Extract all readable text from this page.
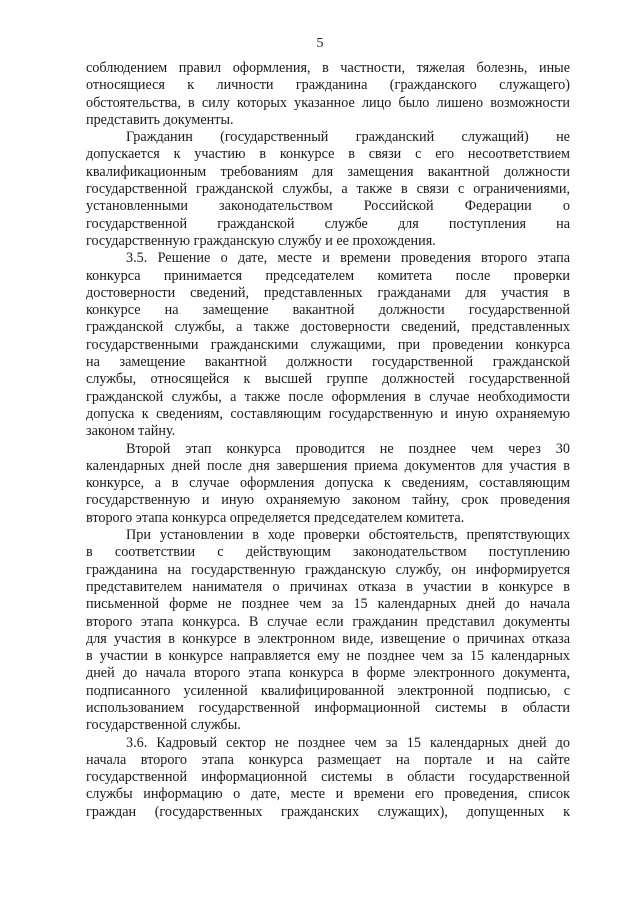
5
соблюдением правил оформления, в частности, тяжелая болезнь, иные
относящиеся к личности гражданина (гражданского служащего)
обстоятельства, в силу которых указанное лицо было лишено возможности
представить документы.
Гражданин (государственный гражданский служащий) не
допускается к участию в конкурсе в связи с его несоответствием
квалификационным требованиям для замещения вакантной должности
государственной гражданской службы, а также в связи с ограничениями,
установленными законодательством Российской Федерации о
государственной гражданской службе для поступления на
государственную гражданскую службу и ее прохождения.
3.5. Решение о дате, месте и времени проведения второго этапа
конкурса принимается председателем комитета после проверки
достоверности сведений, представленных гражданами для участия в
конкурсе на замещение вакантной должности государственной
гражданской службы, а также достоверности сведений, представленных
государственными гражданскими служащими, при проведении конкурса
на замещение вакантной должности государственной гражданской
службы, относящейся к высшей группе должностей государственной
гражданской службы, а также после оформления в случае необходимости
допуска к сведениям, составляющим государственную и иную охраняемую
законом тайну.
Второй этап конкурса проводится не позднее чем через 30
календарных дней после дня завершения приема документов для участия в
конкурсе, а в случае оформления допуска к сведениям, составляющим
государственную и иную охраняемую законом тайну, срок проведения
второго этапа конкурса определяется председателем комитета.
При установлении в ходе проверки обстоятельств, препятствующих
в соответствии с действующим законодательством поступлению
гражданина на государственную гражданскую службу, он информируется
представителем нанимателя о причинах отказа в участии в конкурсе в
письменной форме не позднее чем за 15 календарных дней до начала
второго этапа конкурса. В случае если гражданин представил документы
для участия в конкурсе в электронном виде, извещение о причинах отказа
в участии в конкурсе направляется ему не позднее чем за 15 календарных
дней до начала второго этапа конкурса в форме электронного документа,
подписанного усиленной квалифицированной электронной подписью, с
использованием государственной информационной системы в области
государственной службы.
3.6. Кадровый сектор не позднее чем за 15 календарных дней до
начала второго этапа конкурса размещает на портале и на сайте
государственной информационной системы в области государственной
службы информацию о дате, месте и времени его проведения, список
граждан (государственных гражданских служащих), допущенных к
